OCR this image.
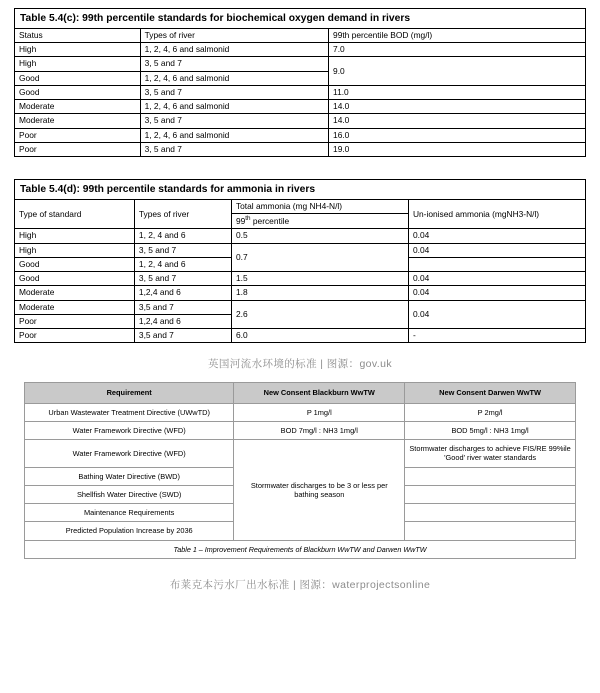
Table 5.4(c): 99th percentile standards for biochemical oxygen demand in rivers
Status	Types of river	99th percentile BOD (mg/l)
High	1, 2, 4, 6 and salmonid	7.0
High	3, 5 and 7	9.0
Good	1, 2, 4, 6 and salmonid	
Good	3, 5 and 7	11.0
Moderate	1, 2, 4, 6 and salmonid	14.0
Moderate	3, 5 and 7	14.0
Poor	1, 2, 4, 6 and salmonid	16.0
Poor	3, 5 and 7	19.0
Table 5.4(d): 99th percentile standards for ammonia in rivers
Type of standard	Types of river	Total ammonia (mg NH4-N/l)	Un-ionised ammonia (mgNH3-N/l)
		99th percentile	
High	1, 2, 4 and 6	0.5	0.04
High	3, 5 and 7	0.7	0.04
Good	1, 2, 4 and 6		
Good	3, 5 and 7	1.5	0.04
Moderate	1,2,4 and 6	1.8	0.04
Moderate	3,5 and 7	2.6	0.04
Poor	1,2,4 and 6		
Poor	3,5 and 7	6.0	-
英国河流水环境的标准 | 图源：gov.uk
Requirement	New Consent Blackburn WwTW	New Consent Darwen WwTW
Urban Wastewater Treatment Directive (UWwTD)	P 1mg/l	P 2mg/l
Water Framework Directive (WFD)	BOD 7mg/l : NH3 1mg/l	BOD 5mg/l : NH3 1mg/l
Water Framework Directive (WFD)	Stormwater discharges to be 3 or less per bathing season	Stormwater discharges to achieve FIS/RE 99%ile 'Good' river water standards
Bathing Water Directive (BWD)		
Shellfish Water Directive (SWD)		
Maintenance Requirements		
Predicted Population Increase by 2036		
Table 1 – Improvement Requirements of Blackburn WwTW and Darwen WwTW		
布莱克本污水厂出水标准 | 图源：waterprojectsonline
